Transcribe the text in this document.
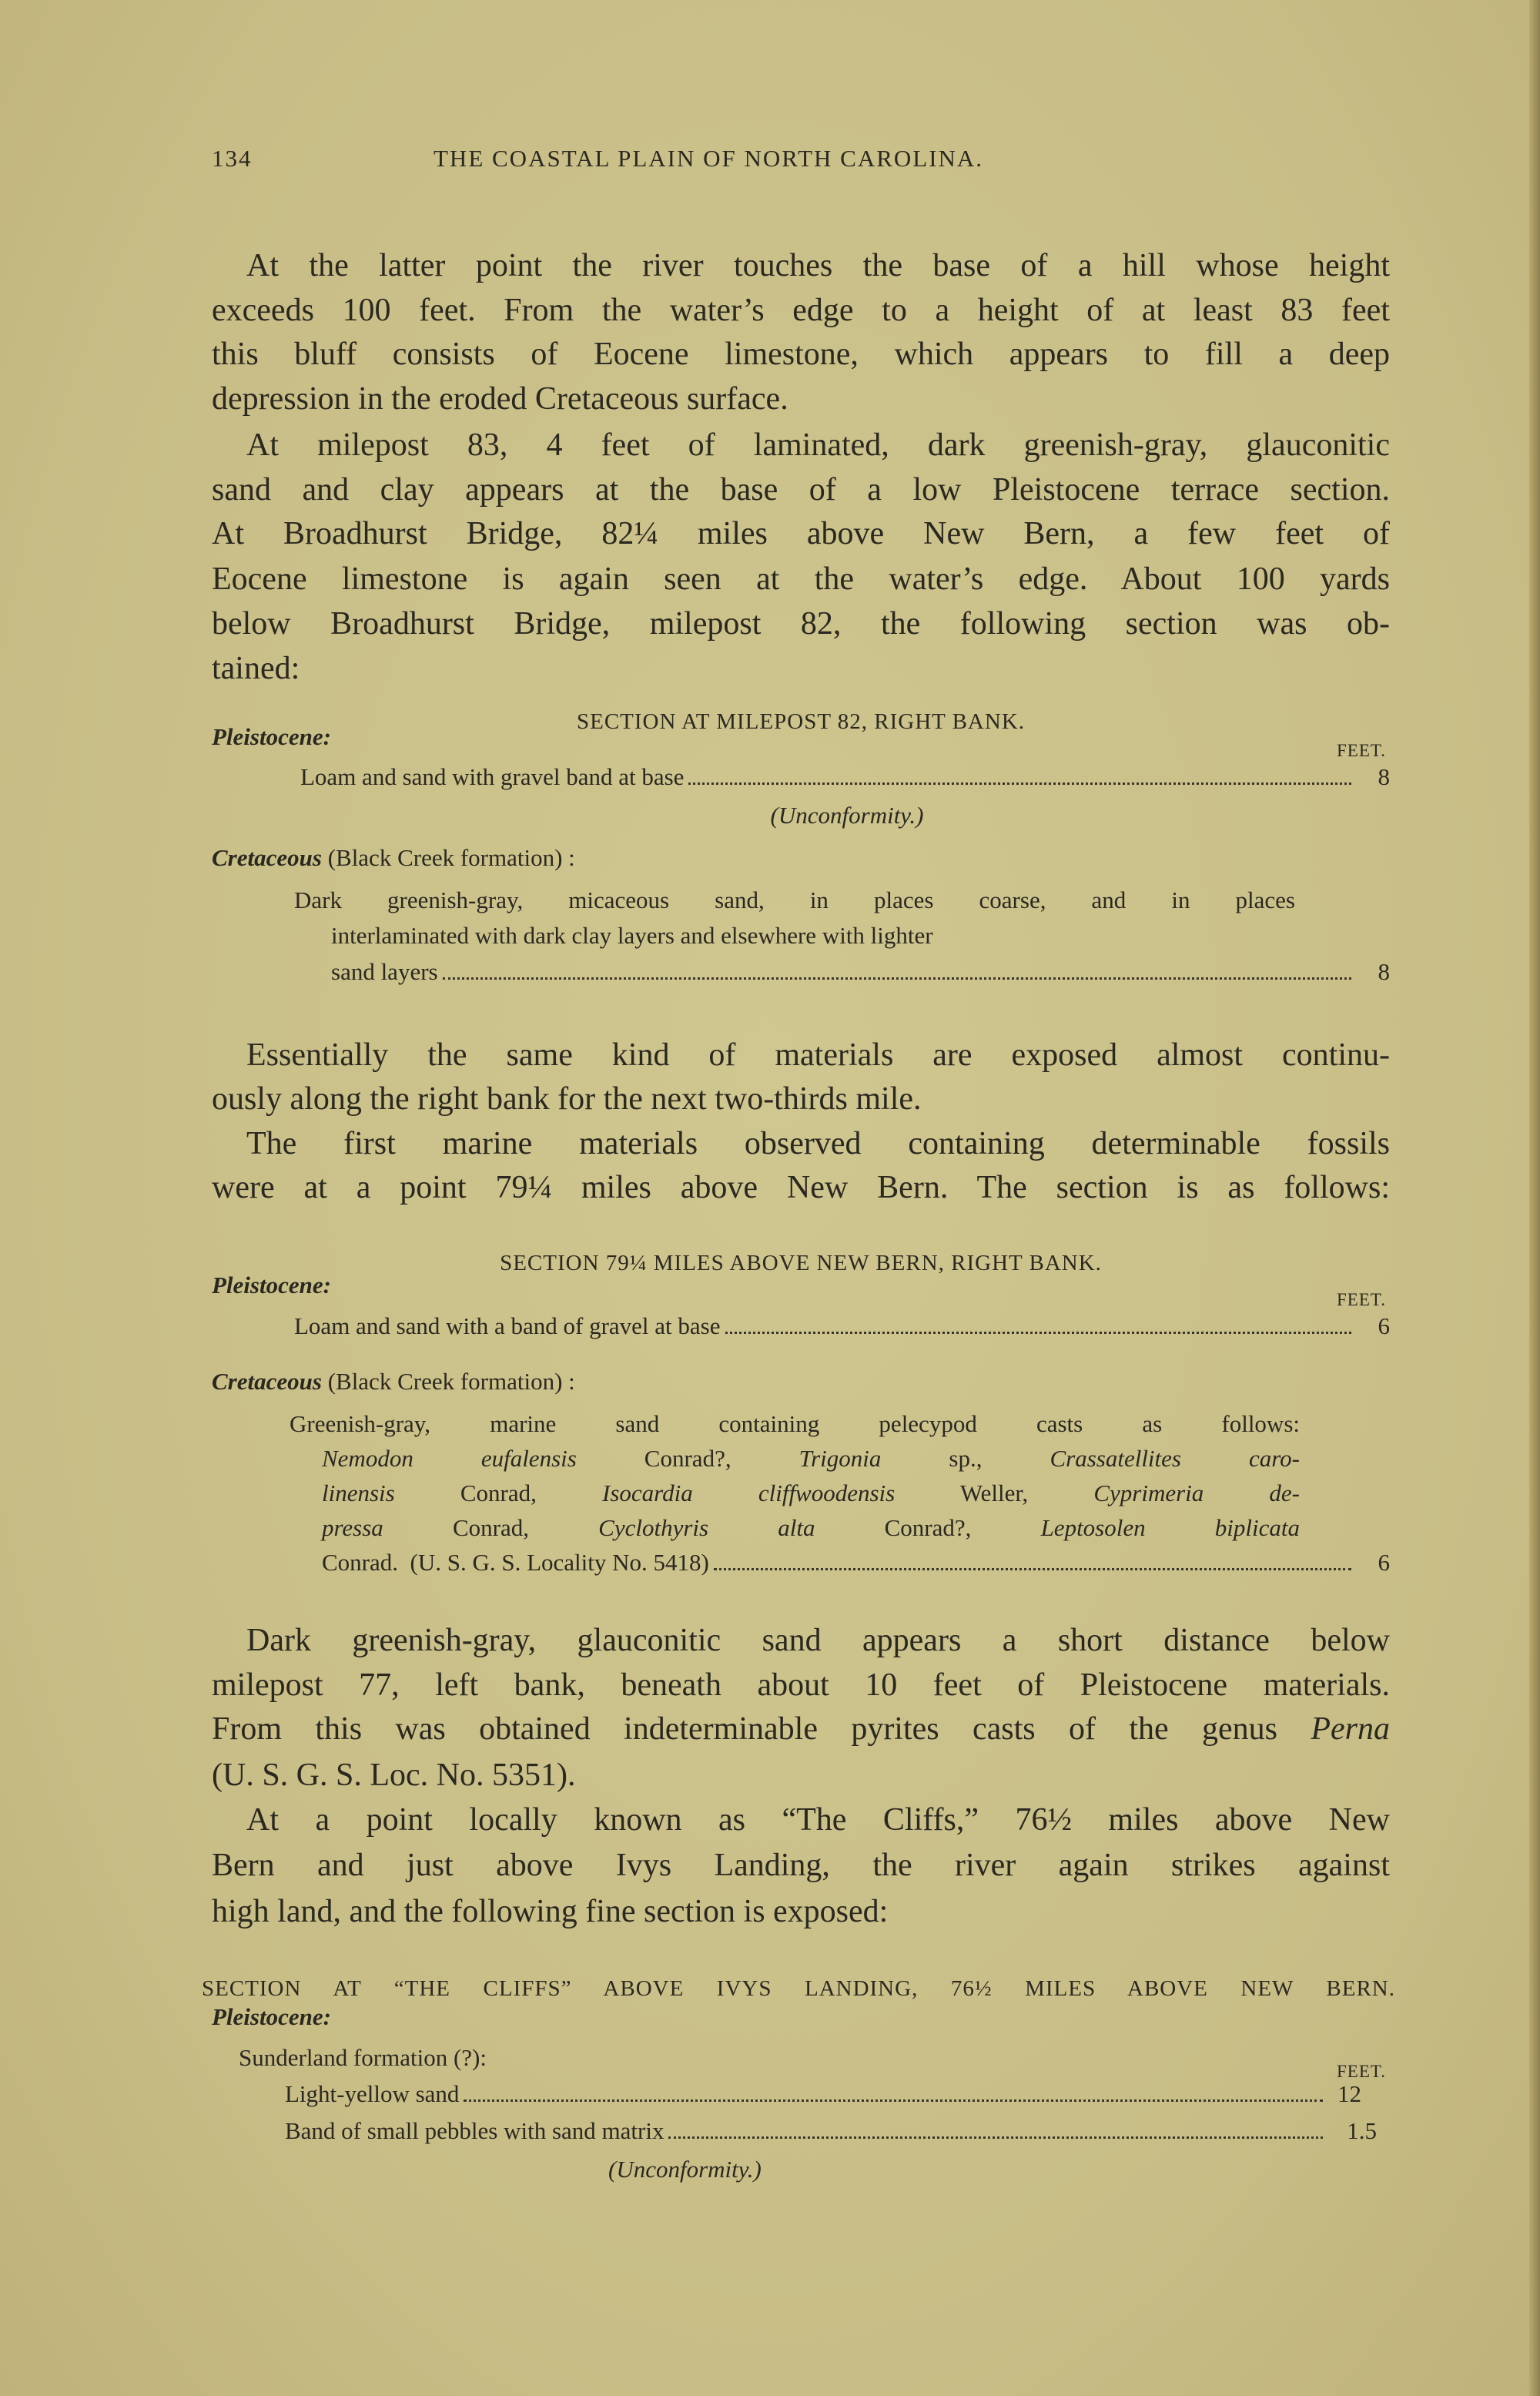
134	THE COASTAL PLAIN OF NORTH CAROLINA.
At the latter point the river touches the base of a hill whose height
exceeds 100 feet. From the water’s edge to a height of at least 83 feet
this bluff consists of Eocene limestone, which appears to fill a deep
depression in the eroded Cretaceous surface.
At milepost 83, 4 feet of laminated, dark greenish-gray, glauconitic
sand and clay appears at the base of a low Pleistocene terrace section.
At Broadhurst Bridge, 82¼ miles above New Bern, a few feet of
Eocene limestone is again seen at the water’s edge. About 100 yards
below Broadhurst Bridge, milepost 82, the following section was ob-
tained:
SECTION AT MILEPOST 82, RIGHT BANK.
Pleistocene:
FEET.
Loam and sand with gravel band at base	8
(Unconformity.)
Cretaceous (Black Creek formation) :
Dark greenish-gray, micaceous sand, in places coarse, and in places
interlaminated with dark clay layers and elsewhere with lighter
sand layers	8
Essentially the same kind of materials are exposed almost continu-
ously along the right bank for the next two-thirds mile.
The first marine materials observed containing determinable fossils
were at a point 79¼ miles above New Bern. The section is as follows:
SECTION 79¼ MILES ABOVE NEW BERN, RIGHT BANK.
Pleistocene:
FEET.
Loam and sand with a band of gravel at base	6
Cretaceous (Black Creek formation) :
Greenish-gray, marine sand containing pelecypod casts as follows:
Nemodon eufalensis Conrad?, Trigonia sp., Crassatellites caro-
linensis Conrad, Isocardia cliffwoodensis Weller, Cyprimeria de-
pressa Conrad, Cyclothyris alta Conrad?, Leptosolen biplicata
Conrad.  (U. S. G. S. Locality No. 5418)	6
Dark greenish-gray, glauconitic sand appears a short distance below
milepost 77, left bank, beneath about 10 feet of Pleistocene materials.
From this was obtained indeterminable pyrites casts of the genus Perna
(U. S. G. S. Loc. No. 5351).
At a point locally known as “The Cliffs,” 76½ miles above New
Bern and just above Ivys Landing, the river again strikes against
high land, and the following fine section is exposed:
SECTION AT “THE CLIFFS” ABOVE IVYS LANDING, 76½ MILES ABOVE NEW BERN.
Pleistocene:
Sunderland formation (?):
FEET.
Light-yellow sand	12
Band of small pebbles with sand matrix	1.5
(Unconformity.)
